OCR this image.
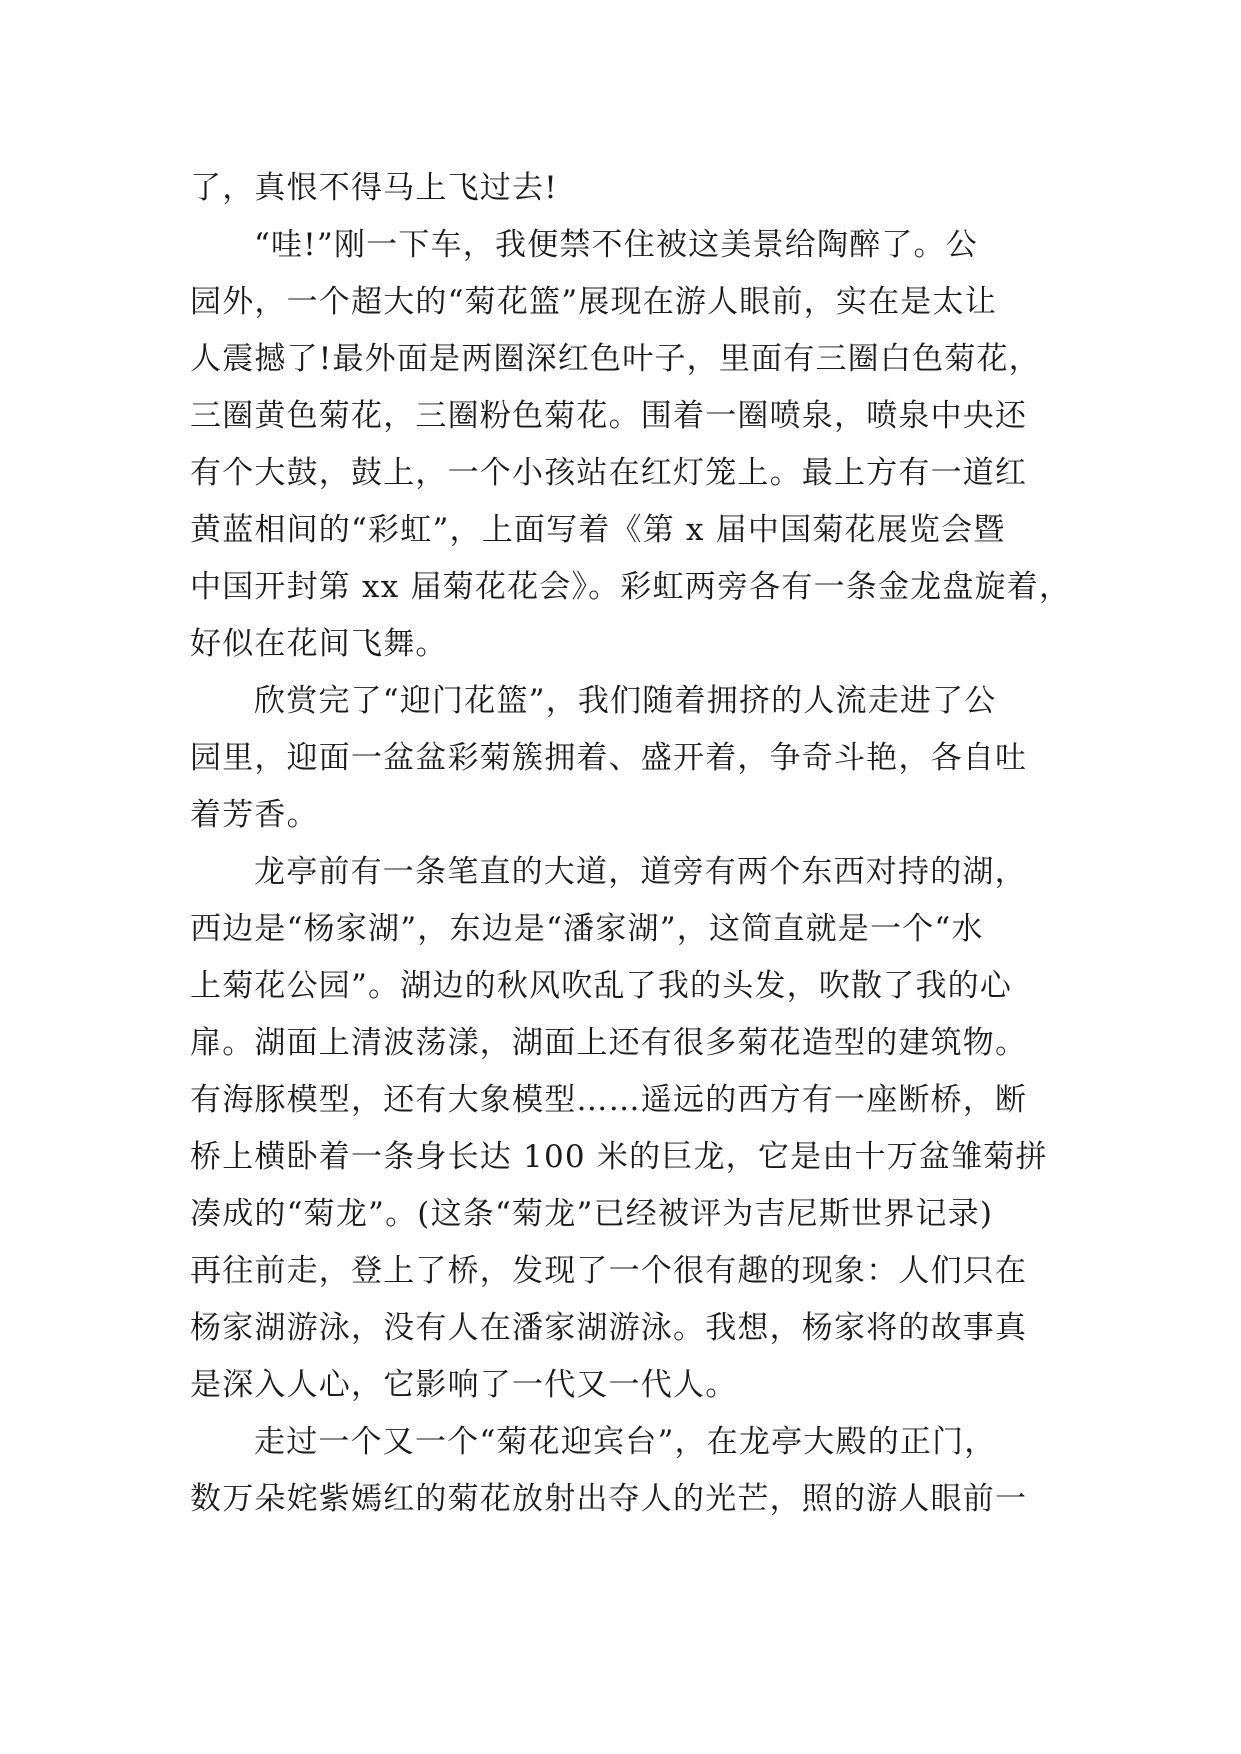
了，真恨不得马上飞过去!
“哇!”刚一下车，我便禁不住被这美景给陶醉了。公
园外，一个超大的“菊花篮”展现在游人眼前，实在是太让
人震撼了!最外面是两圈深红色叶子，里面有三圈白色菊花，
三圈黄色菊花，三圈粉色菊花。围着一圈喷泉，喷泉中央还
有个大鼓，鼓上，一个小孩站在红灯笼上。最上方有一道红
黄蓝相间的“彩虹”，上面写着《第 x 届中国菊花展览会暨
中国开封第 xx 届菊花花会》。彩虹两旁各有一条金龙盘旋着，
好似在花间飞舞。
欣赏完了“迎门花篮”，我们随着拥挤的人流走进了公
园里，迎面一盆盆彩菊簇拥着、盛开着，争奇斗艳，各自吐
着芳香。
龙亭前有一条笔直的大道，道旁有两个东西对持的湖，
西边是“杨家湖”，东边是“潘家湖”，这简直就是一个“水
上菊花公园”。湖边的秋风吹乱了我的头发，吹散了我的心
扉。湖面上清波荡漾，湖面上还有很多菊花造型的建筑物。
有海豚模型，还有大象模型……遥远的西方有一座断桥，断
桥上横卧着一条身长达 100 米的巨龙，它是由十万盆雏菊拼
凑成的“菊龙”。(这条“菊龙”已经被评为吉尼斯世界记录)
再往前走，登上了桥，发现了一个很有趣的现象：人们只在
杨家湖游泳，没有人在潘家湖游泳。我想，杨家将的故事真
是深入人心，它影响了一代又一代人。
走过一个又一个“菊花迎宾台”，在龙亭大殿的正门，
数万朵姹紫嫣红的菊花放射出夺人的光芒，照的游人眼前一
